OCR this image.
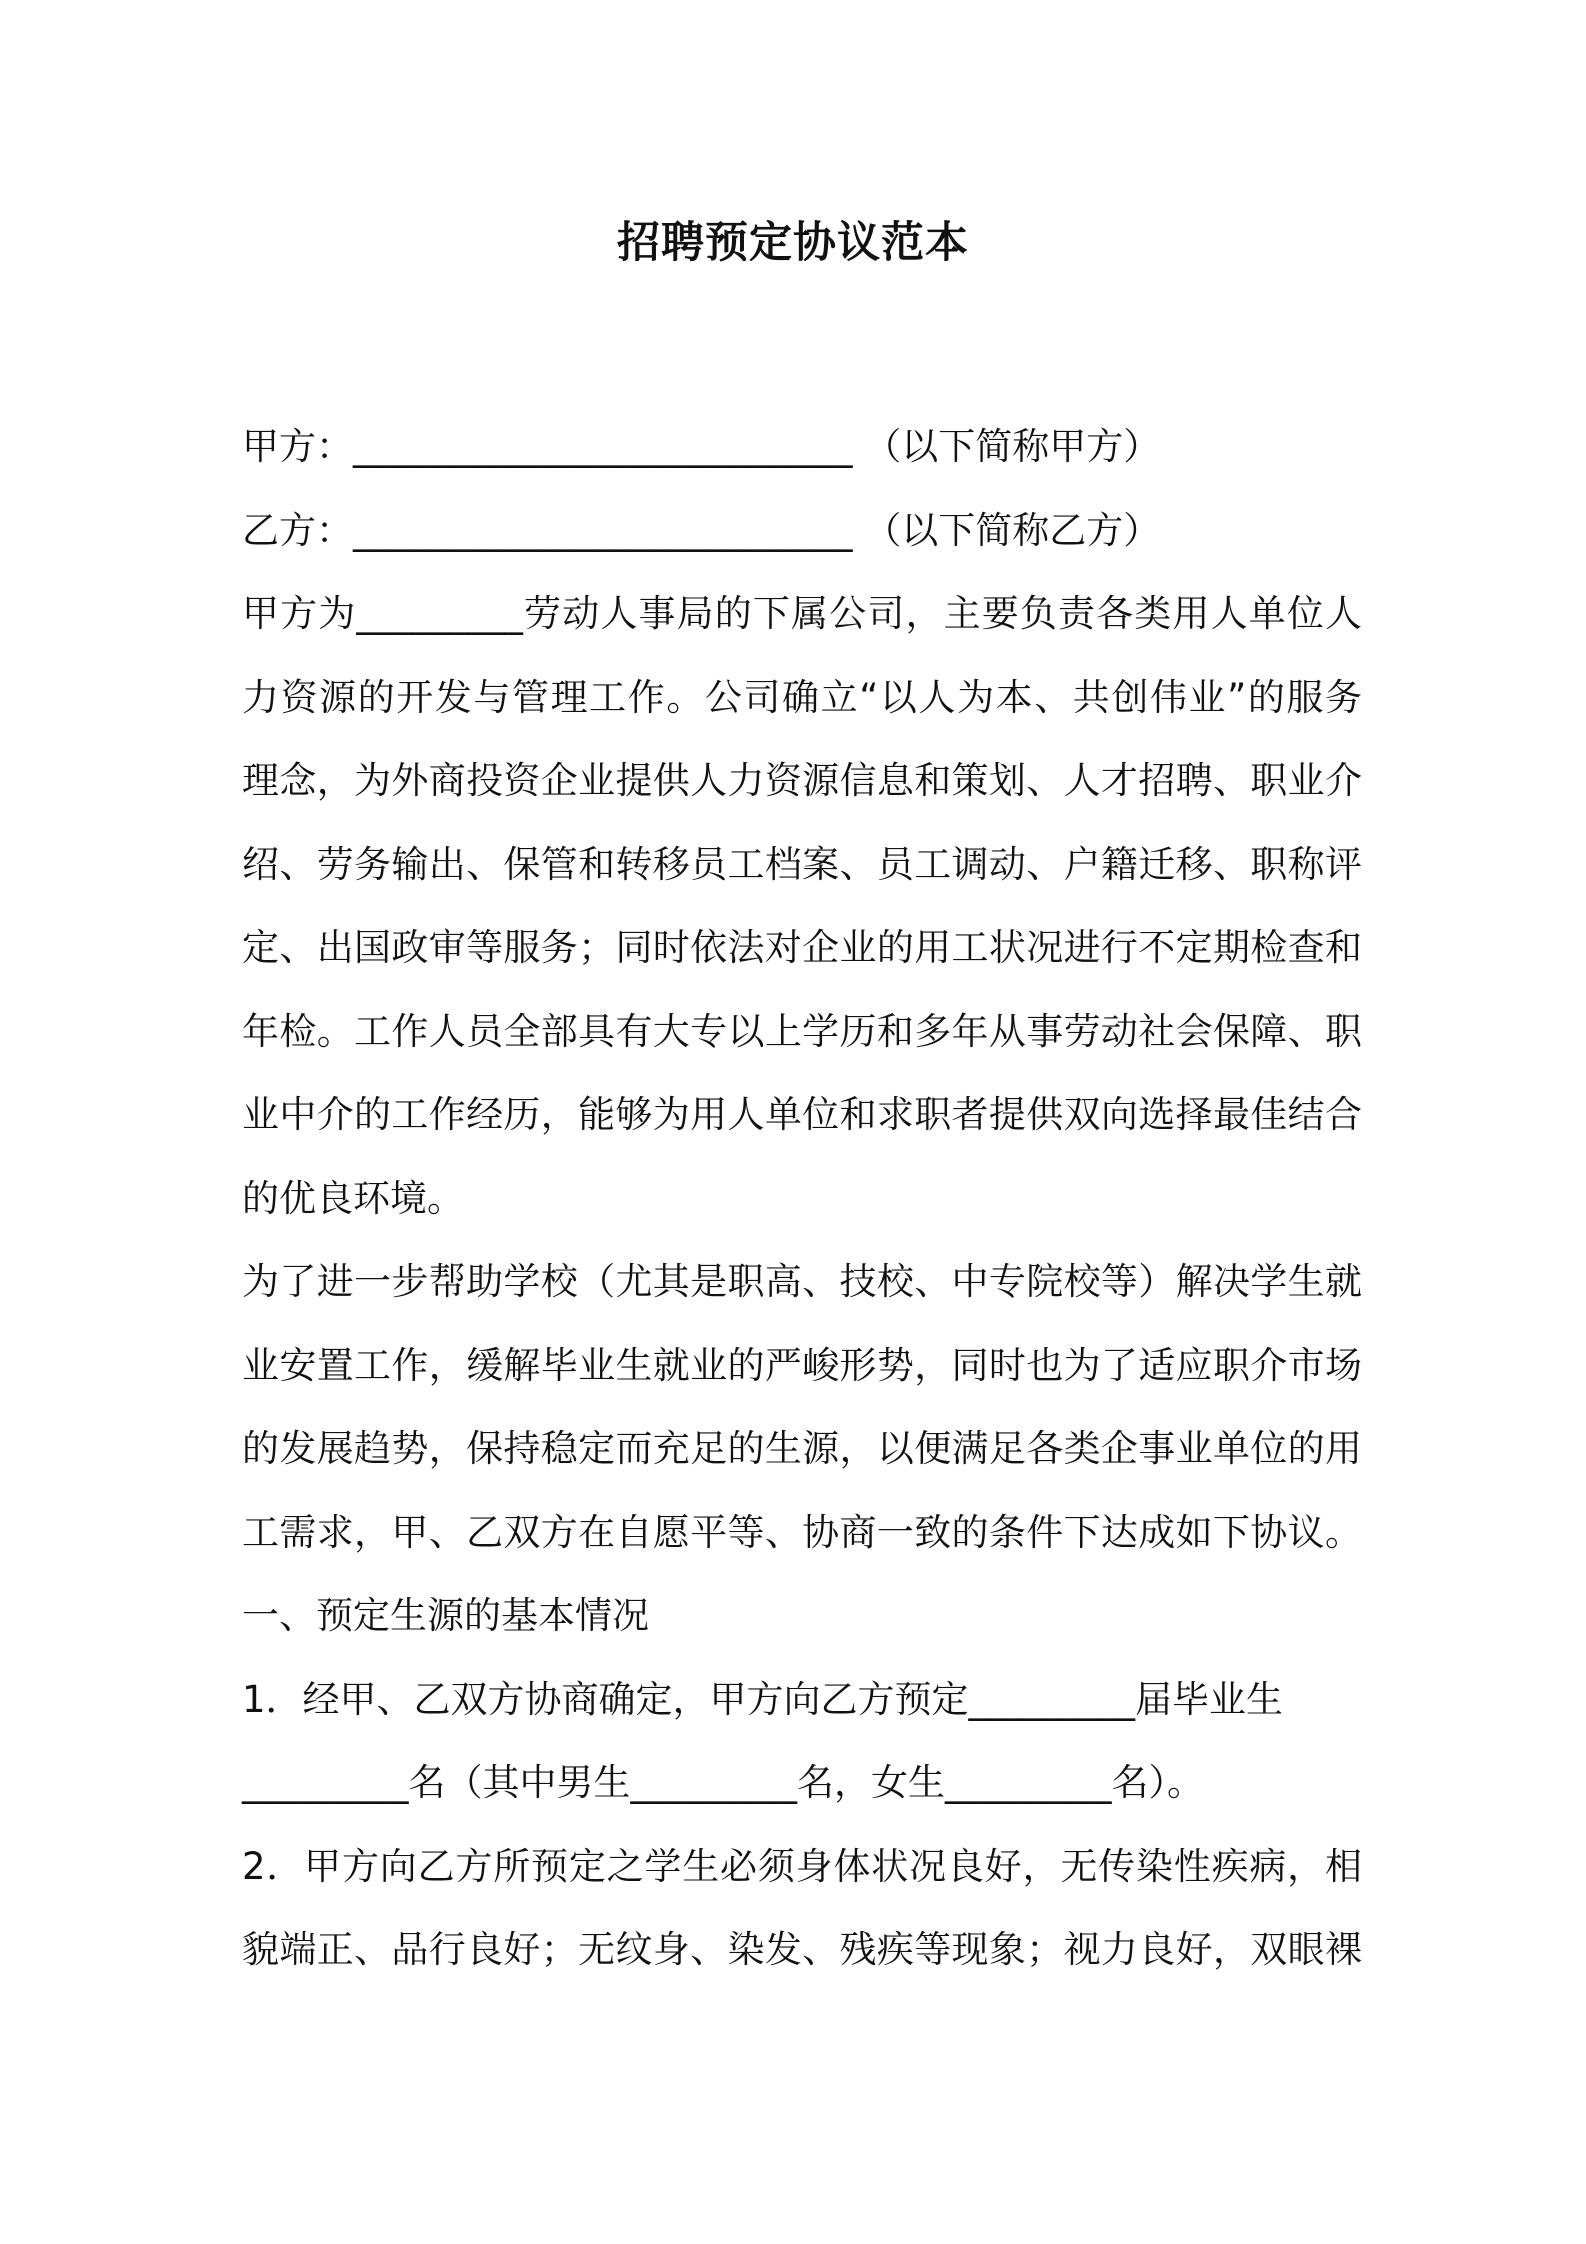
招聘预定协议范本
甲方：___________________________ （以下简称甲方）
乙方：___________________________ （以下简称乙方）
甲方为_________劳动人事局的下属公司，主要负责各类用人单位人
力资源的开发与管理工作。公司确立“以人为本、共创伟业”的服务
理念，为外商投资企业提供人力资源信息和策划、人才招聘、职业介
绍、劳务输出、保管和转移员工档案、员工调动、户籍迁移、职称评
定、出国政审等服务；同时依法对企业的用工状况进行不定期检查和
年检。工作人员全部具有大专以上学历和多年从事劳动社会保障、职
业中介的工作经历，能够为用人单位和求职者提供双向选择最佳结合
的优良环境。
为了进一步帮助学校（尤其是职高、技校、中专院校等）解决学生就
业安置工作，缓解毕业生就业的严峻形势，同时也为了适应职介市场
的发展趋势，保持稳定而充足的生源，以便满足各类企事业单位的用
工需求，甲、乙双方在自愿平等、协商一致的条件下达成如下协议。
一、预定生源的基本情况
1．经甲、乙双方协商确定，甲方向乙方预定_________届毕业生
_________名（其中男生_________名，女生_________名）。
2．甲方向乙方所预定之学生必须身体状况良好，无传染性疾病，相
貌端正、品行良好；无纹身、染发、残疾等现象；视力良好，双眼裸
